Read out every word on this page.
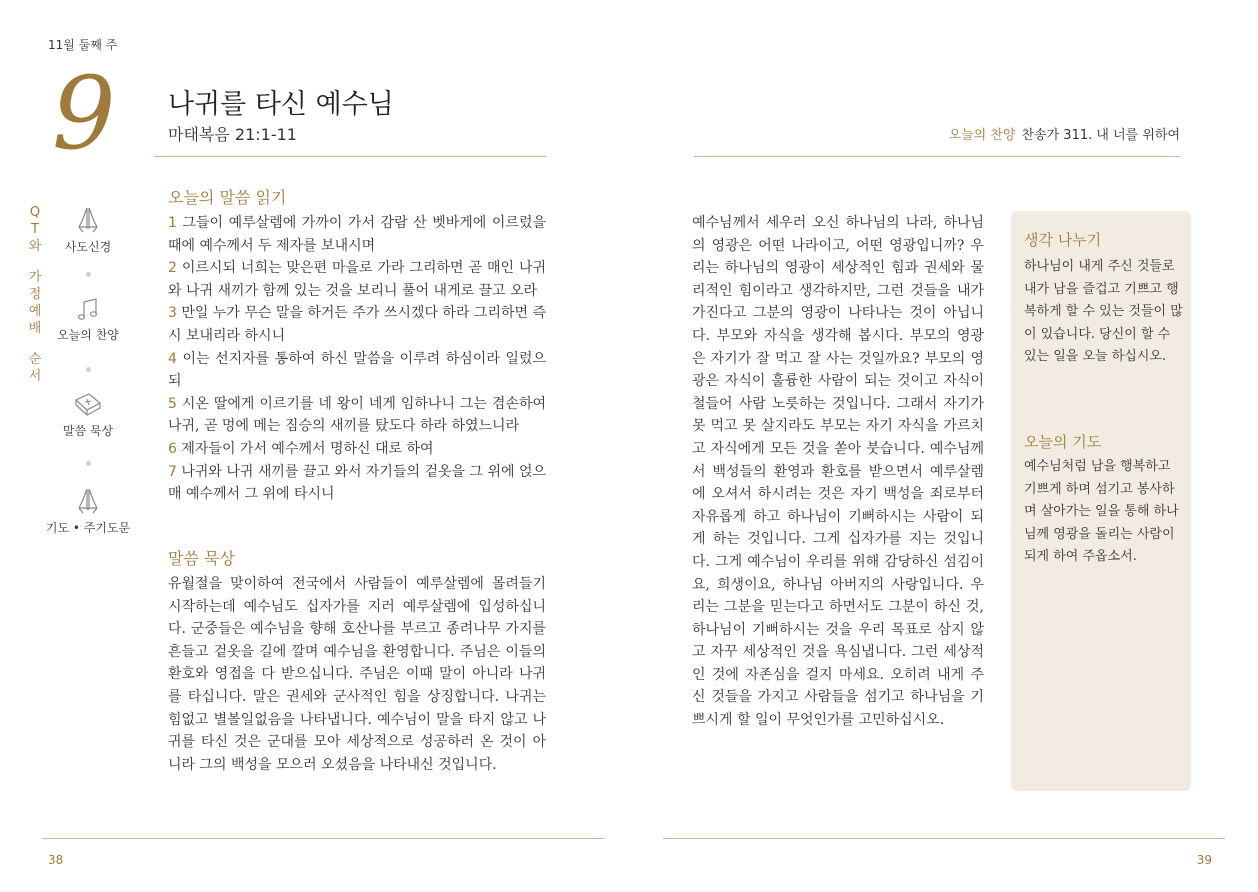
11월 둘째 주
9 나귀를 타신 예수님
마태복음 21:1-11	오늘의 찬양 찬송가 311. 내 너를 위하여
Q
T
와
가
정
예
배
순
서
사도신경
오늘의 찬양
말씀 묵상
기도 • 주기도문
오늘의 말씀 읽기
1 그들이 예루살렘에 가까이 가서 감람 산 벳바게에 이르렀을 때에 예수께서 두 제자를 보내시며
2 이르시되 너희는 맞은편 마을로 가라 그리하면 곧 매인 나귀와 나귀 새끼가 함께 있는 것을 보리니 풀어 내게로 끌고 오라
3 만일 누가 무슨 말을 하거든 주가 쓰시겠다 하라 그리하면 즉시 보내리라 하시니
4 이는 선지자를 통하여 하신 말씀을 이루려 하심이라 일렀으되
5 시온 딸에게 이르기를 네 왕이 네게 임하나니 그는 겸손하여 나귀, 곧 멍에 메는 짐승의 새끼를 탔도다 하라 하였느니라
6 제자들이 가서 예수께서 명하신 대로 하여
7 나귀와 나귀 새끼를 끌고 와서 자기들의 겉옷을 그 위에 얹으매 예수께서 그 위에 타시니
말씀 묵상
유월절을 맞이하여 전국에서 사람들이 예루살렘에 몰려들기 시작하는데 예수님도 십자가를 지러 예루살렘에 입성하십니다. 군중들은 예수님을 향해 호산나를 부르고 종려나무 가지를 흔들고 겉옷을 길에 깔며 예수님을 환영합니다. 주님은 이들의 환호와 영접을 다 받으십니다. 주님은 이때 말이 아니라 나귀를 타십니다. 말은 권세와 군사적인 힘을 상징합니다. 나귀는 힘없고 별볼일없음을 나타냅니다. 예수님이 말을 타지 않고 나귀를 타신 것은 군대를 모아 세상적으로 성공하러 온 것이 아니라 그의 백성을 모으러 오셨음을 나타내신 것입니다.
예수님께서 세우러 오신 하나님의 나라, 하나님의 영광은 어떤 나라이고, 어떤 영광입니까? 우리는 하나님의 영광이 세상적인 힘과 권세와 물리적인 힘이라고 생각하지만, 그런 것들을 내가 가진다고 그분의 영광이 나타나는 것이 아닙니다. 부모와 자식을 생각해 봅시다. 부모의 영광은 자기가 잘 먹고 잘 사는 것일까요? 부모의 영광은 자식이 훌륭한 사람이 되는 것이고 자식이 철들어 사람 노릇하는 것입니다. 그래서 자기가 못 먹고 못 살지라도 부모는 자기 자식을 가르치고 자식에게 모든 것을 쏟아 붓습니다. 예수님께서 백성들의 환영과 환호를 받으면서 예루살렘에 오셔서 하시려는 것은 자기 백성을 죄로부터 자유롭게 하고 하나님이 기뻐하시는 사람이 되게 하는 것입니다. 그게 십자가를 지는 것입니다. 그게 예수님이 우리를 위해 감당하신 섬김이요, 희생이요, 하나님 아버지의 사랑입니다. 우리는 그분을 믿는다고 하면서도 그분이 하신 것, 하나님이 기뻐하시는 것을 우리 목표로 삼지 않고 자꾸 세상적인 것을 욕심냅니다. 그런 세상적인 것에 자존심을 걸지 마세요. 오히려 내게 주신 것들을 가지고 사람들을 섬기고 하나님을 기쁘시게 할 일이 무엇인가를 고민하십시오.
생각 나누기
하나님이 내게 주신 것들로 내가 남을 즐겁고 기쁘고 행복하게 할 수 있는 것들이 많이 있습니다. 당신이 할 수 있는 일을 오늘 하십시오.
오늘의 기도
예수님처럼 남을 행복하고 기쁘게 하며 섬기고 봉사하며 살아가는 일을 통해 하나님께 영광을 돌리는 사람이 되게 하여 주옵소서.
38	39
